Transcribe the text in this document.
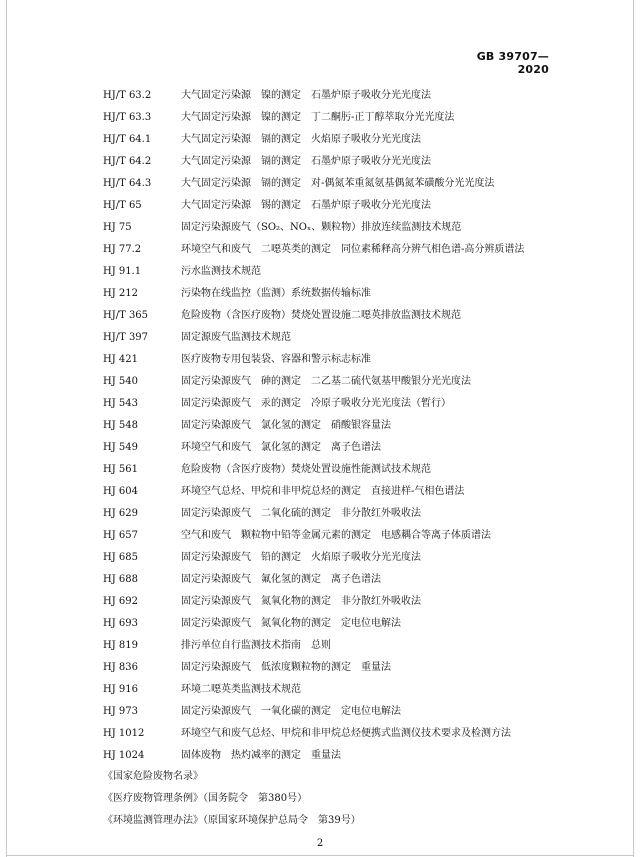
GB 39707—2020
HJ/T 63.2	大气固定污染源　镍的测定　石墨炉原子吸收分光光度法
HJ/T 63.3	大气固定污染源　镍的测定　丁二酮肟-正丁醇萃取分光光度法
HJ/T 64.1	大气固定污染源　镉的测定　火焰原子吸收分光光度法
HJ/T 64.2	大气固定污染源　镉的测定　石墨炉原子吸收分光光度法
HJ/T 64.3	大气固定污染源　镉的测定　对-偶氮苯重氮氨基偶氮苯磺酸分光光度法
HJ/T 65	大气固定污染源　锡的测定　石墨炉原子吸收分光光度法
HJ 75	固定污染源废气（SO₂、NOₓ、颗粒物）排放连续监测技术规范
HJ 77.2	环境空气和废气　二噁英类的测定　同位素稀释高分辨气相色谱-高分辨质谱法
HJ 91.1	污水监测技术规范
HJ 212	污染物在线监控（监测）系统数据传输标准
HJ/T 365	危险废物（含医疗废物）焚烧处置设施二噁英排放监测技术规范
HJ/T 397	固定源废气监测技术规范
HJ 421	医疗废物专用包装袋、容器和警示标志标准
HJ 540	固定污染源废气　砷的测定　二乙基二硫代氨基甲酸银分光光度法
HJ 543	固定污染源废气　汞的测定　冷原子吸收分光光度法（暂行）
HJ 548	固定污染源废气　氯化氢的测定　硝酸银容量法
HJ 549	环境空气和废气　氯化氢的测定　离子色谱法
HJ 561	危险废物（含医疗废物）焚烧处置设施性能测试技术规范
HJ 604	环境空气总烃、甲烷和非甲烷总烃的测定　直接进样-气相色谱法
HJ 629	固定污染源废气　二氧化硫的测定　非分散红外吸收法
HJ 657	空气和废气　颗粒物中铅等金属元素的测定　电感耦合等离子体质谱法
HJ 685	固定污染源废气　铅的测定　火焰原子吸收分光光度法
HJ 688	固定污染源废气　氟化氢的测定　离子色谱法
HJ 692	固定污染源废气　氮氧化物的测定　非分散红外吸收法
HJ 693	固定污染源废气　氮氧化物的测定　定电位电解法
HJ 819	排污单位自行监测技术指南　总则
HJ 836	固定污染源废气　低浓度颗粒物的测定　重量法
HJ 916	环境二噁英类监测技术规范
HJ 973	固定污染源废气　一氧化碳的测定　定电位电解法
HJ 1012	环境空气和废气总烃、甲烷和非甲烷总烃便携式监测仪技术要求及检测方法
HJ 1024	固体废物　热灼减率的测定　重量法
《国家危险废物名录》
《医疗废物管理条例》（国务院令　第380号）
《环境监测管理办法》（原国家环境保护总局令　第39号）
2
